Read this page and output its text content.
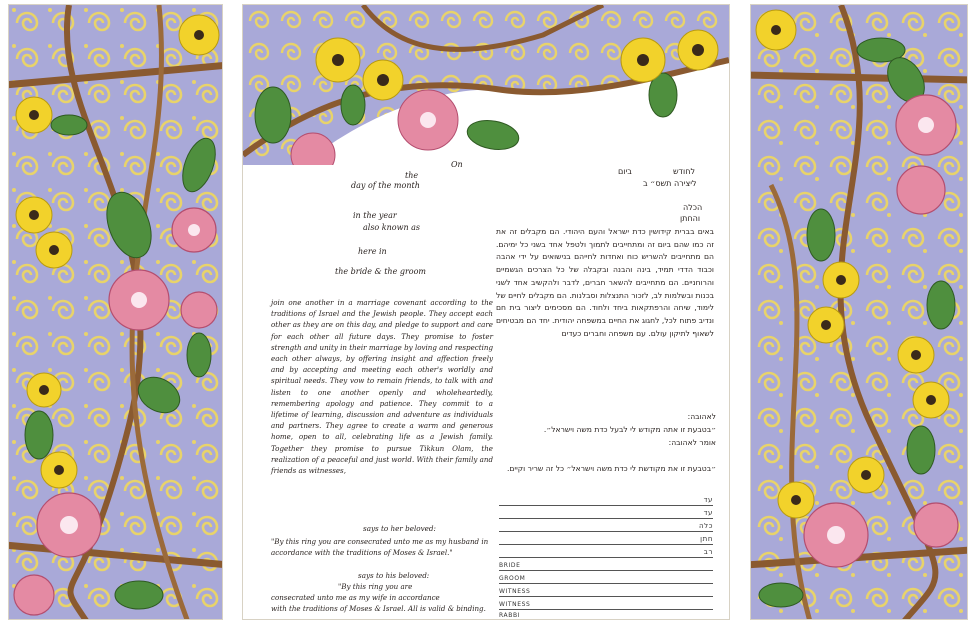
On
the
day of the month
in the year
also known as
here in
the bride & the groom
join one another in a marriage covenant according to the traditions of Israel and the Jewish people. They accept each other as they are on this day, and pledge to support and care for each other all future days. They promise to foster strength and unity in their marriage by loving and respecting each other always, by offering insight and affection freely and by accepting and meeting each other's worldly and spiritual needs. They vow to remain friends, to talk with and listen to one another openly and wholeheartedly, remembering apology and patience. They commit to a lifetime of learning, discussion and adventure as individuals and partners. They agree to create a warm and generous home, open to all, celebrating life as a Jewish family. Together they promise to pursue Tikkun Olam, the realization of a peaceful and just world. With their family and friends as witnesses,
says to her beloved:
"By this ring you are consecrated unto me as my husband in accordance with the traditions of Moses & Israel."
says to his beloved:
"By this ring you are
consecrated unto me as my wife in accordance
with the traditions of Moses & Israel. All is valid & binding.
ביום	לחודש
ליצירה תשס״ ב
הכלה
והחתן
באים בברית קידושין כדת ישראל והעם היהודי. הם מקבלים זה את זה כמו שהם ביום זה ומתחייבים לתמוך ולטפל אחד בשני כל ימיהם. הם מתחייבים להשריש כוח ואחדות לחייהם בנישואים על ידי אהבה וכבוד הדדי תמיד, בינה והבנה ובקבלה של כל הצרכים הגשמיים והרוחניים. הם מתחייבים להשאר חברים, לדבר ולהקשיב אחד לשני בכנות ובשלמות לב, לזכור התנצלות וסבלנות. הם מקבלים לחיים של לימוד, שיחה והרפתקאות ביחד ולחוד. הם מסכימים ליצור בית חם ונדיב פתוח לכל, לחגוג את החיים במשפחה יהודית. יחד הם מבטיחים לשאוף לתיקון עולם. עם משפחה וחברים כעדים
לאהובה:
״בטבעת זו אתה מקודש לי לבעל כדת משה וישראל״.
אומר לאהובה:
״בטבעת זו את מקודשת לי כדת משה וישראל‏״ כל זה שריר וקיים.
עד
עד
כלה
חתן
רב
BRIDE
GROOM
WITNESS
WITNESS
RABBI
